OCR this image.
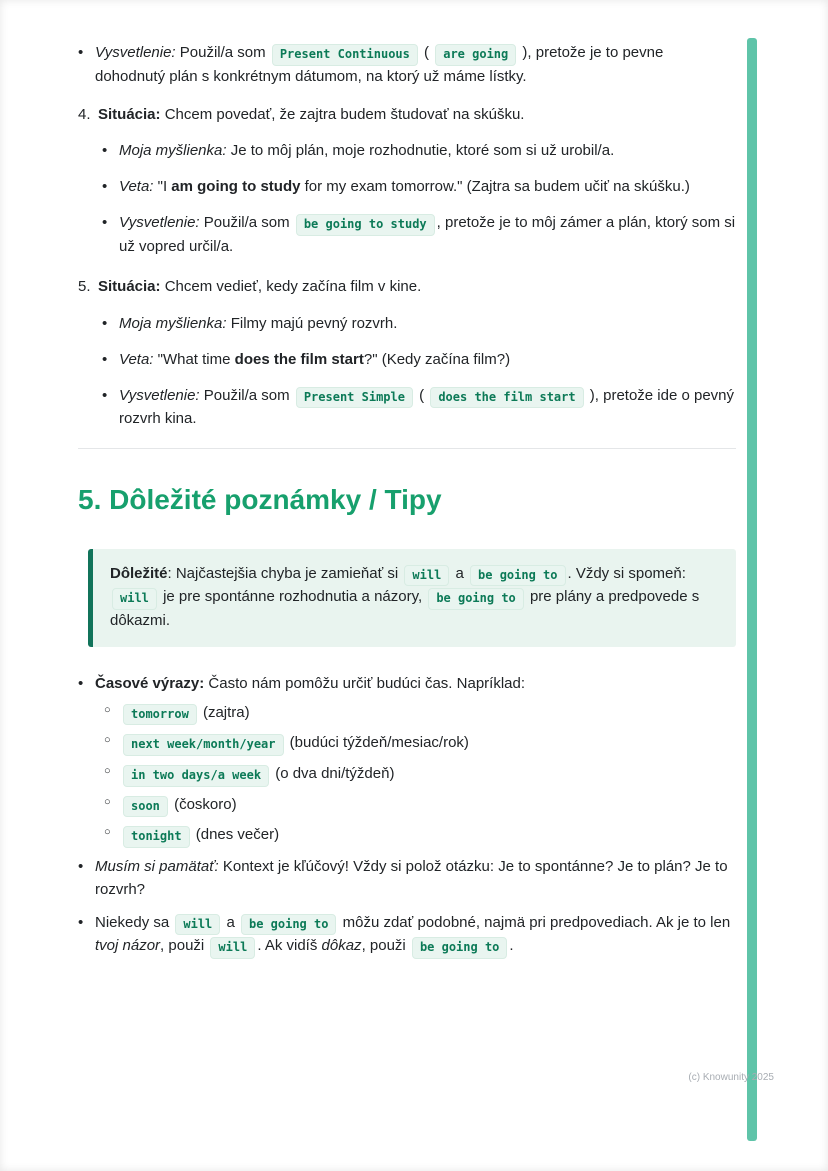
• Vysvetlenie: Použil/a som Present Continuous ( are going ), pretože je to pevne dohodnutý plán s konkrétnym dátumom, na ktorý už máme lístky.
4. Situácia: Chcem povedať, že zajtra budem študovať na skúšku.
• Moja myšlienka: Je to môj plán, moje rozhodnutie, ktoré som si už urobil/a.
• Veta: "I am going to study for my exam tomorrow." (Zajtra sa budem učiť na skúšku.)
• Vysvetlenie: Použil/a som be going to study , pretože je to môj zámer a plán, ktorý som si už vopred určil/a.
5. Situácia: Chcem vedieť, kedy začína film v kine.
• Moja myšlienka: Filmy majú pevný rozvrh.
• Veta: "What time does the film start?" (Kedy začína film?)
• Vysvetlenie: Použil/a som Present Simple ( does the film start ), pretože ide o pevný rozvrh kina.
5. Dôležité poznámky / Tipy
Dôležité: Najčastejšia chyba je zamieňať si will a be going to . Vždy si spomeň: will je pre spontánne rozhodnutia a názory, be going to pre plány a predpovede s dôkazmi.
• Časové výrazy: Často nám pomôžu určiť budúci čas. Napríklad:
○	tomorrow (zajtra)
○	next week/month/year (budúci týždeň/mesiac/rok)
○	in two days/a week (o dva dni/týždeň)
○	soon (čoskoro)
○	tonight (dnes večer)
• Musím si pamätať: Kontext je kľúčový! Vždy si polož otázku: Je to spontánne? Je to plán? Je to rozvrh?
• Niekedy sa will a be going to môžu zdať podobné, najmä pri predpovediach. Ak je to len tvoj názor, použi will . Ak vidíš dôkaz, použi be going to .
(c) Knowunity 2025
